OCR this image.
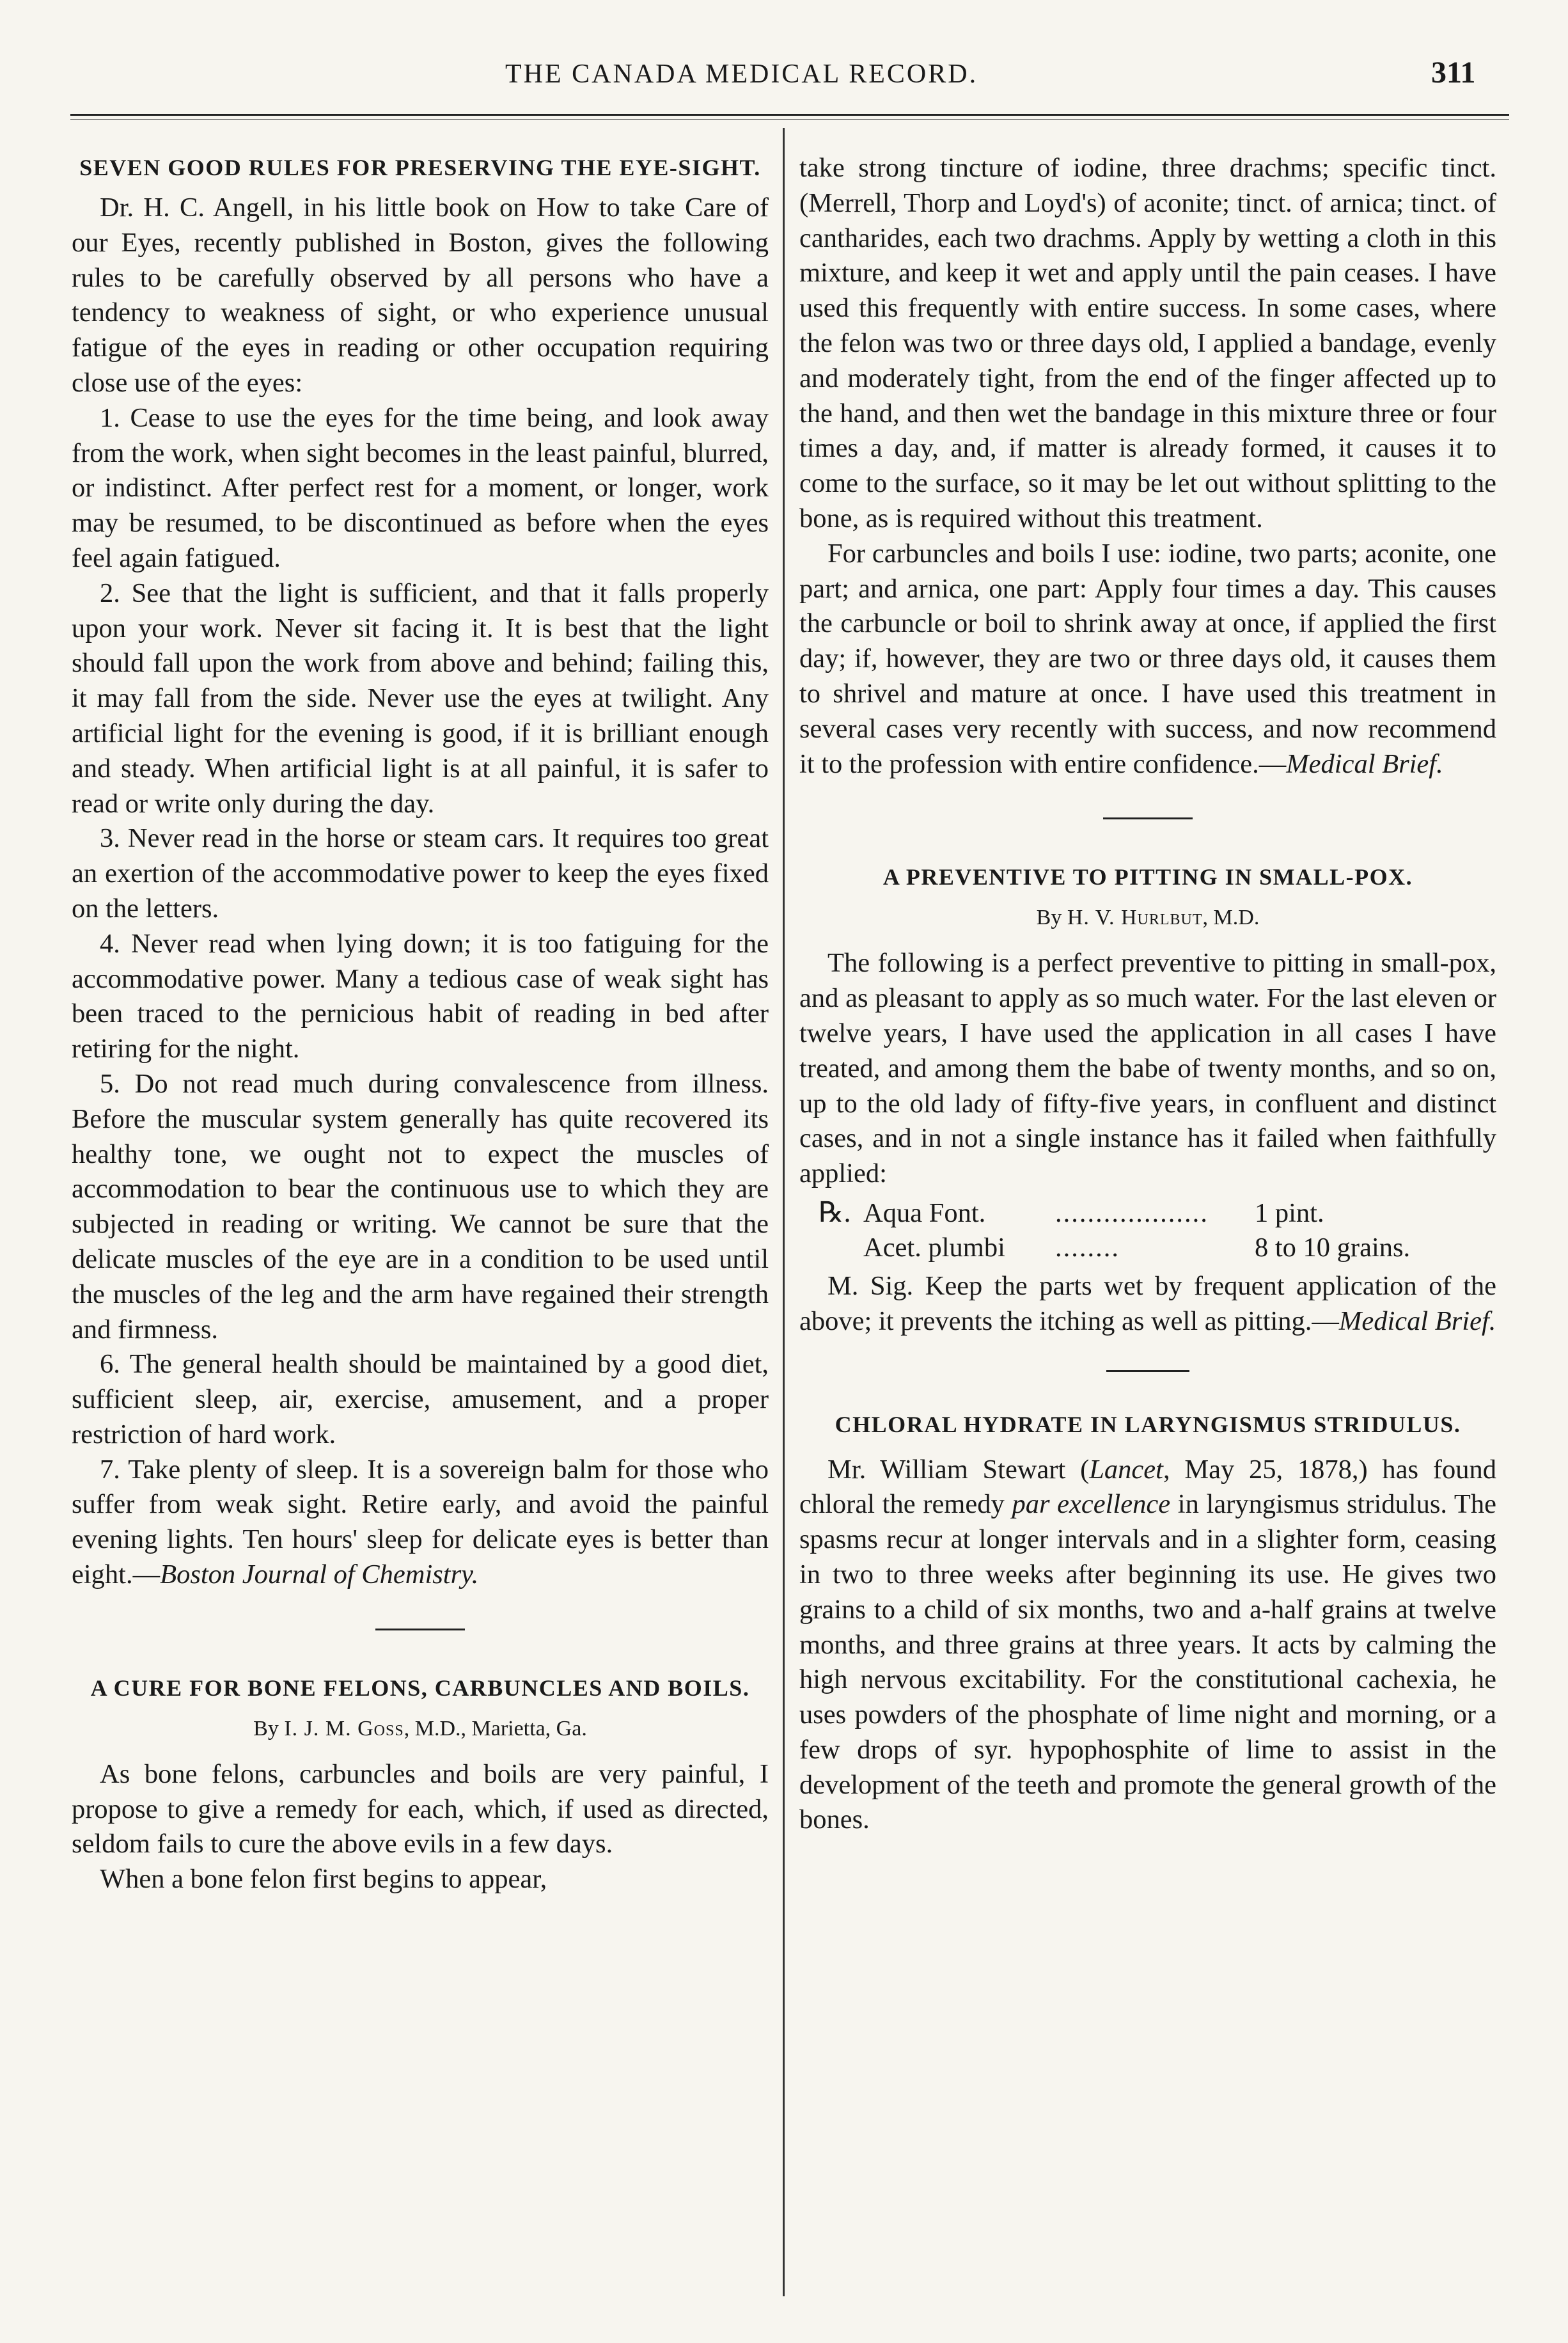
THE CANADA MEDICAL RECORD.	311
SEVEN GOOD RULES FOR PRESERVING THE EYE-SIGHT.

Dr. H. C. Angell, in his little book on How to take Care of our Eyes, recently published in Boston, gives the following rules to be carefully observed by all persons who have a tendency to weakness of sight, or who experience unusual fatigue of the eyes in reading or other occupation requiring close use of the eyes:

1. Cease to use the eyes for the time being, and look away from the work, when sight becomes in the least painful, blurred, or indistinct. After perfect rest for a moment, or longer, work may be resumed, to be discontinued as before when the eyes feel again fatigued.

2. See that the light is sufficient, and that it falls properly upon your work. Never sit facing it. It is best that the light should fall upon the work from above and behind; failing this, it may fall from the side. Never use the eyes at twilight. Any artificial light for the evening is good, if it is brilliant enough and steady. When artificial light is at all painful, it is safer to read or write only during the day.

3. Never read in the horse or steam cars. It requires too great an exertion of the accommodative power to keep the eyes fixed on the letters.

4. Never read when lying down; it is too fatiguing for the accommodative power. Many a tedious case of weak sight has been traced to the pernicious habit of reading in bed after retiring for the night.

5. Do not read much during convalescence from illness. Before the muscular system generally has quite recovered its healthy tone, we ought not to expect the muscles of accommodation to bear the continuous use to which they are subjected in reading or writing. We cannot be sure that the delicate muscles of the eye are in a condition to be used until the muscles of the leg and the arm have regained their strength and firmness.

6. The general health should be maintained by a good diet, sufficient sleep, air, exercise, amusement, and a proper restriction of hard work.

7. Take plenty of sleep. It is a sovereign balm for those who suffer from weak sight. Retire early, and avoid the painful evening lights. Ten hours' sleep for delicate eyes is better than eight.—Boston Journal of Chemistry.

A CURE FOR BONE FELONS, CARBUNCLES AND BOILS.
By I. J. M. Goss, M.D., Marietta, Ga.

As bone felons, carbuncles and boils are very painful, I propose to give a remedy for each, which, if used as directed, seldom fails to cure the above evils in a few days.

When a bone felon first begins to appear,

take strong tincture of iodine, three drachms; specific tinct. (Merrell, Thorp and Loyd's) of aconite; tinct. of arnica; tinct. of cantharides, each two drachms. Apply by wetting a cloth in this mixture, and keep it wet and apply until the pain ceases. I have used this frequently with entire success. In some cases, where the felon was two or three days old, I applied a bandage, evenly and moderately tight, from the end of the finger affected up to the hand, and then wet the bandage in this mixture three or four times a day, and, if matter is already formed, it causes it to come to the surface, so it may be let out without splitting to the bone, as is required without this treatment.

For carbuncles and boils I use: iodine, two parts; aconite, one part; and arnica, one part: Apply four times a day. This causes the carbuncle or boil to shrink away at once, if applied the first day; if, however, they are two or three days old, it causes them to shrivel and mature at once. I have used this treatment in several cases very recently with success, and now recommend it to the profession with entire confidence.—Medical Brief.

A PREVENTIVE TO PITTING IN SMALL-POX.
By H. V. Hurlbut, M.D.

The following is a perfect preventive to pitting in small-pox, and as pleasant to apply as so much water. For the last eleven or twelve years, I have used the application in all cases I have treated, and among them the babe of twenty months, and so on, up to the old lady of fifty-five years, in confluent and distinct cases, and in not a single instance has it failed when faithfully applied:

℞. Aqua Font.	...................	1 pint.
Acet. plumbi	........	8 to 10 grains.

M. Sig. Keep the parts wet by frequent application of the above; it prevents the itching as well as pitting.—Medical Brief.

CHLORAL HYDRATE IN LARYNGISMUS STRIDULUS.

Mr. William Stewart (Lancet, May 25, 1878,) has found chloral the remedy par excellence in laryngismus stridulus. The spasms recur at longer intervals and in a slighter form, ceasing in two to three weeks after beginning its use. He gives two grains to a child of six months, two and a-half grains at twelve months, and three grains at three years. It acts by calming the high nervous excitability. For the constitutional cachexia, he uses powders of the phosphate of lime night and morning, or a few drops of syr. hypophosphite of lime to assist in the development of the teeth and promote the general growth of the bones.
